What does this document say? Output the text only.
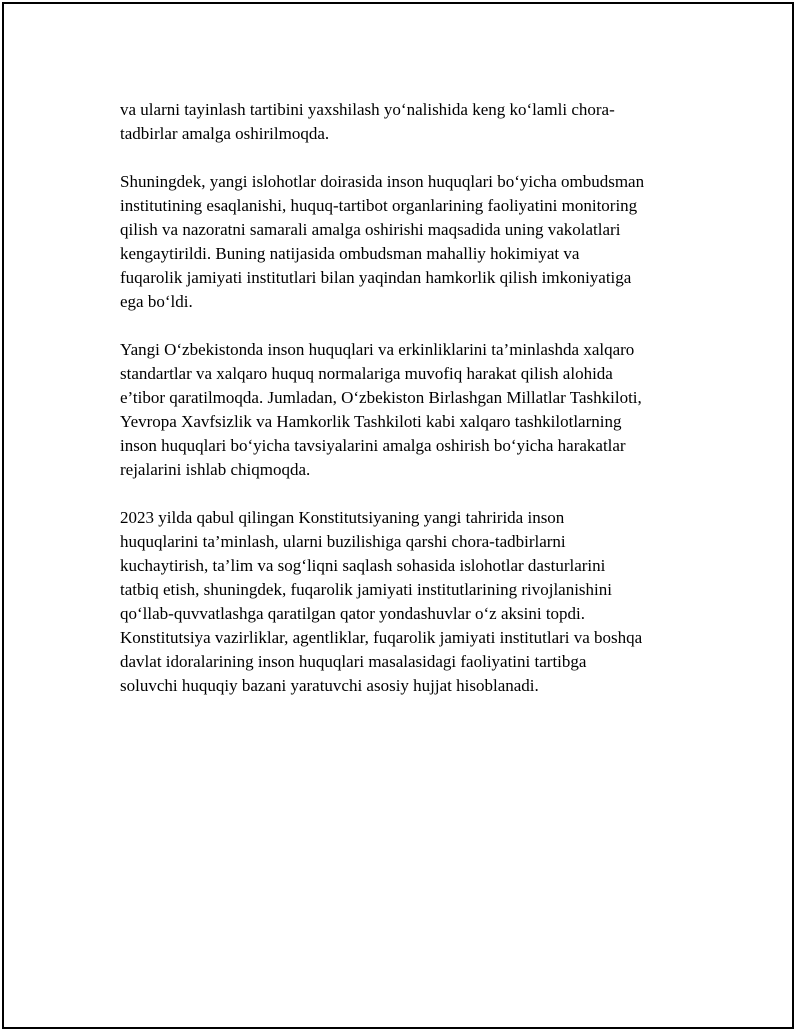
va ularni tayinlash tartibini yaxshilash yo‘nalishida keng ko‘lamli chora-
tadbirlar amalga oshirilmoqda.

Shuningdek, yangi islohotlar doirasida inson huquqlari bo‘yicha ombudsman
institutining esaqlanishi, huquq-tartibot organlarining faoliyatini monitoring
qilish va nazoratni samarali amalga oshirishi maqsadida uning vakolatlari
kengaytirildi. Buning natijasida ombudsman mahalliy hokimiyat va
fuqarolik jamiyati institutlari bilan yaqindan hamkorlik qilish imkoniyatiga
ega bo‘ldi.

Yangi O‘zbekistonda inson huquqlari va erkinliklarini ta’minlashda xalqaro
standartlar va xalqaro huquq normalariga muvofiq harakat qilish alohida
e’tibor qaratilmoqda. Jumladan, O‘zbekiston Birlashgan Millatlar Tashkiloti,
Yevropa Xavfsizlik va Hamkorlik Tashkiloti kabi xalqaro tashkilotlarning
inson huquqlari bo‘yicha tavsiyalarini amalga oshirish bo‘yicha harakatlar
rejalarini ishlab chiqmoqda.

2023 yilda qabul qilingan Konstitutsiyaning yangi tahririda inson
huquqlarini ta’minlash, ularni buzilishiga qarshi chora-tadbirlarni
kuchaytirish, ta’lim va sog‘liqni saqlash sohasida islohotlar dasturlarini
tatbiq etish, shuningdek, fuqarolik jamiyati institutlarining rivojlanishini
qo‘llab-quvvatlashga qaratilgan qator yondashuvlar o‘z aksini topdi.
Konstitutsiya vazirliklar, agentliklar, fuqarolik jamiyati institutlari va boshqa
davlat idoralarining inson huquqlari masalasidagi faoliyatini tartibga
soluvchi huquqiy bazani yaratuvchi asosiy hujjat hisoblanadi.
